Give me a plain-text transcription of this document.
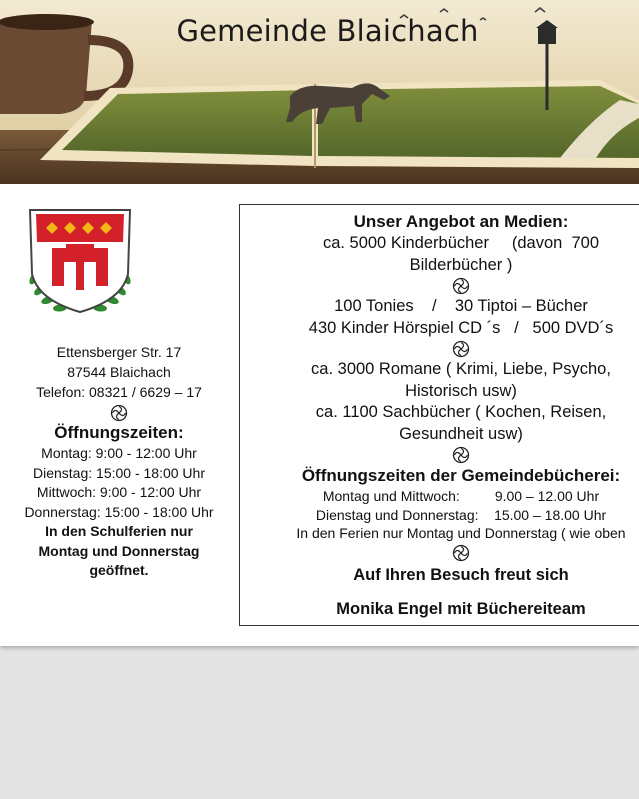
Gemeinde Blaichach
Ettensberger Str. 17
87544 Blaichach
Telefon: 08321 / 6629 – 17
Öffnungszeiten:
Montag: 9:00 - 12:00 Uhr
Dienstag: 15:00 - 18:00 Uhr
Mittwoch: 9:00 - 12:00 Uhr
Donnerstag: 15:00 - 18:00 Uhr
In den Schulferien nur
Montag und Donnerstag
geöffnet.
Unser Angebot an Medien:
ca. 5000 Kinderbücher     (davon  700
Bilderbücher )
100 Tonies    /    30 Tiptoi – Bücher
430 Kinder Hörspiel CD ´s   /   500 DVD´s
ca. 3000 Romane ( Krimi, Liebe, Psycho,
Historisch usw)
ca. 1100 Sachbücher ( Kochen, Reisen,
Gesundheit usw)
Öffnungszeiten der Gemeindebücherei:
Montag und Mittwoch:         9.00 – 12.00 Uhr
Dienstag und Donnerstag:    15.00 – 18.00 Uhr
In den Ferien nur Montag und Donnerstag ( wie oben
Auf Ihren Besuch freut sich
Monika Engel mit Büchereiteam
